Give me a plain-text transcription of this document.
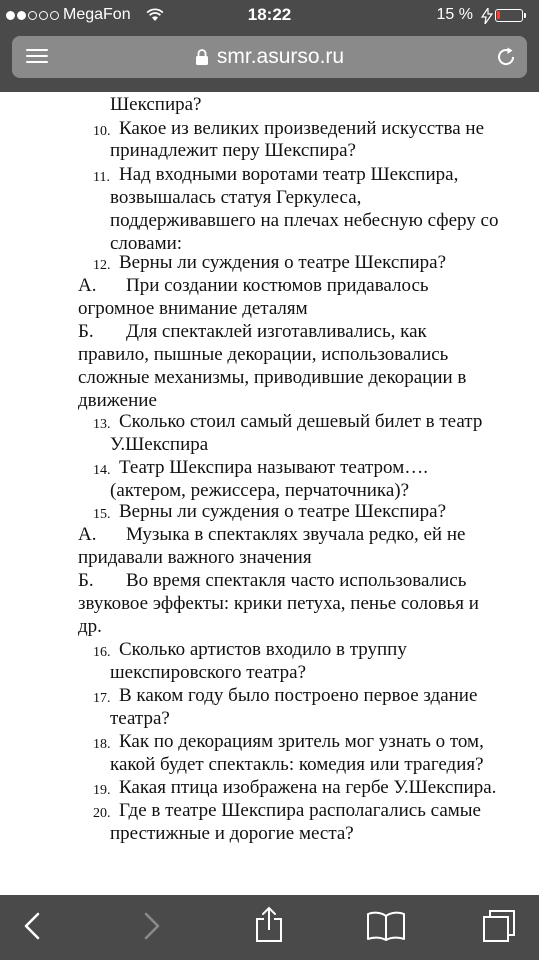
MegaFon	18:22	15 %
smr.asurso.ru
Шекспира?
10. Какое из великих произведений искусства не
принадлежит перу Шекспира?
11. Над входными воротами театр Шекспира,
возвышалась статуя Геркулеса,
поддерживавшего на плечах небесную сферу со
словами:
12. Верны ли суждения о театре Шекспира?
А. При создании костюмов придавалось
огромное внимание деталям
Б. Для спектаклей изготавливались, как
правило, пышные декорации, использовались
сложные механизмы, приводившие декорации в
движение
13. Сколько стоил самый дешевый билет в театр
У.Шекспира
14. Театр Шекспира называют театром….
(актером, режиссера, перчаточника)?
15. Верны ли суждения о театре Шекспира?
А. Музыка в спектаклях звучала редко, ей не
придавали важного значения
Б. Во время спектакля часто использовались
звуковое эффекты: крики петуха, пенье соловья и
др.
16. Сколько артистов входило в труппу
шекспировского театра?
17. В каком году было построено первое здание
театра?
18. Как по декорациям зритель мог узнать о том,
какой будет спектакль: комедия или трагедия?
19. Какая птица изображена на гербе У.Шекспира.
20. Где в театре Шекспира располагались самые
престижные и дорогие места?
